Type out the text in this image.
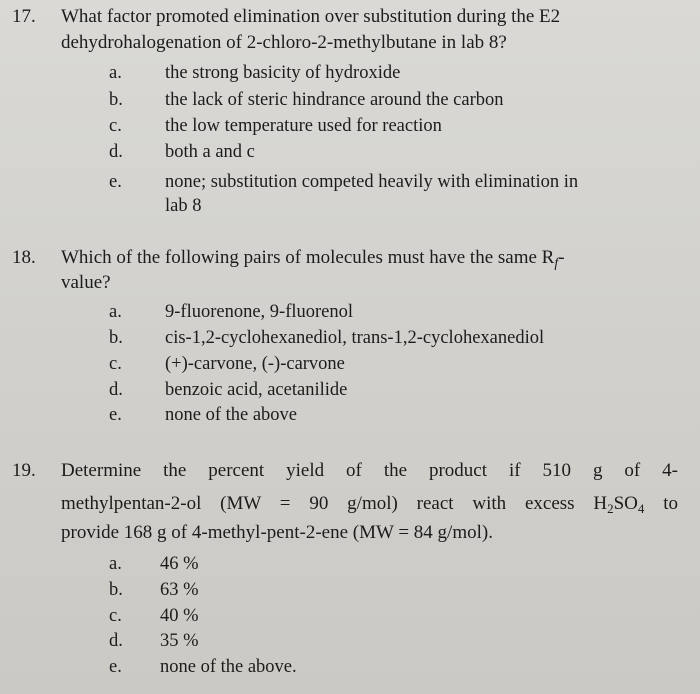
17. What factor promoted elimination over substitution during the E2
dehydrohalogenation of 2-chloro-2-methylbutane in lab 8?
a. the strong basicity of hydroxide
b. the lack of steric hindrance around the carbon
c. the low temperature used for reaction
d. both a and c
e. none; substitution competed heavily with elimination in
lab 8
18. Which of the following pairs of molecules must have the same $R_f-$
value?
a. 9-fluorenone, 9-fluorenol
b. cis-1,2-cyclohexanediol, trans-1,2-cyclohexanediol
c. (+)-carvone, (-)-carvone
d. benzoic acid, acetanilide
e. none of the above
19. Determine the percent yield of the product if 510 g of 4-
methylpentan-2-ol (MW = 90 g/mol) react with excess $H_2SO_4$ to
provide 168 g of 4-methyl-pent-2-ene (MW = 84 g/mol).
a. 46 %
b. 63 %
c. 40 %
d. 35 %
e. none of the above.
